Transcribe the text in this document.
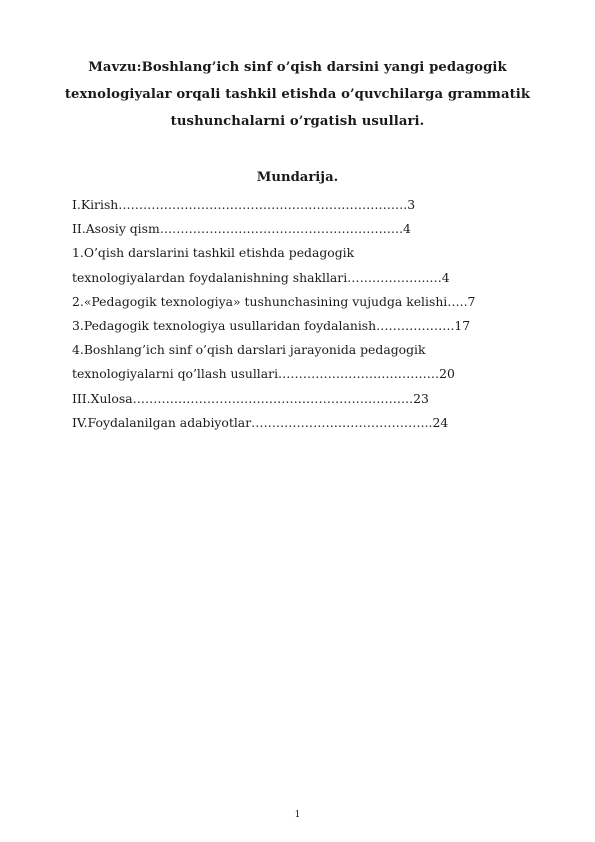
Mavzu:Boshlang’ich sinf o’qish darsini yangi pedagogik
texnologiyalar orqali tashkil etishda o’quvchilarga grammatik
tushunchalarni o’rgatish usullari.
Mundarija.
I.Kirish…………………………………………………………….3
II.Asosiy qism……………………………………………….….4
1.O’qish darslarini tashkil etishda pedagogik
texnologiyalardan foydalanishning shakllari………………..…4
2.«Pedagogik texnologiya» tushunchasining vujudga kelishi…..7
3.Pedagogik texnologiya usullaridan foydalanish……………….17
4.Boshlang’ich sinf o’qish darslari jarayonida pedagogik
texnologiyalarni qo’llash usullari…………………………………20
III.Xulosa…………………………………………………………..23
IV.Foydalanilgan adabiyotlar……………………………………..24
1
